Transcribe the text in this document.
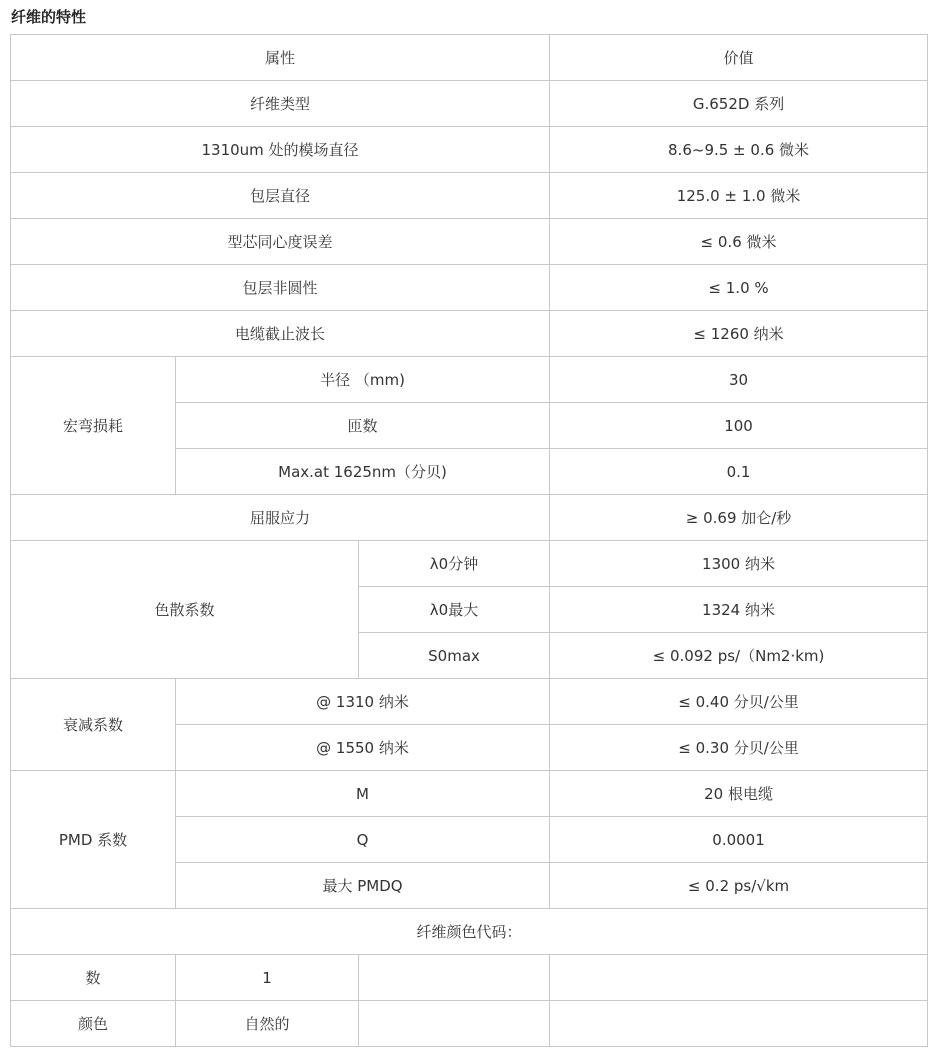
纤维的特性
属性			价值
纤维类型			G.652D 系列
1310um 处的模场直径			8.6~9.5 ± 0.6 微米
包层直径			125.0 ± 1.0 微米
型芯同心度误差			≤ 0.6 微米
包层非圆性			≤ 1.0 %
电缆截止波长			≤ 1260 纳米
宏弯损耗	半径 （mm)		30
	匝数		100
	Max.at 1625nm（分贝)		0.1
屈服应力			≥ 0.69 加仑/秒
色散系数		λ0分钟	1300 纳米
		λ0最大	1324 纳米
		S0max	≤ 0.092 ps/（Nm2·km)
衰减系数	@ 1310 纳米		≤ 0.40 分贝/公里
	@ 1550 纳米		≤ 0.30 分贝/公里
PMD 系数	M		20 根电缆
	Q		0.0001
	最大 PMDQ		≤ 0.2 ps/√km
纤维颜色代码：			
数	1		
颜色	自然的		
